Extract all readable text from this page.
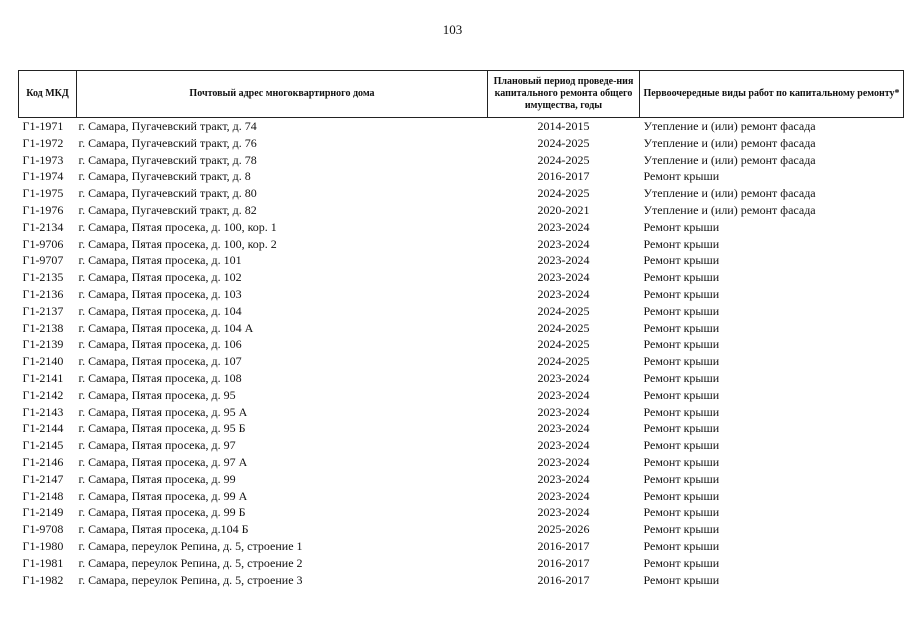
103
Код МКД	Почтовый адрес многоквартирного дома	Плановый период проведе-ния капитального ремонта общего имущества, годы	Первоочередные виды работ по капитальному ремонту*
Г1-1971	г. Самара, Пугачевский тракт, д. 74	2014-2015	Утепление и (или) ремонт фасада
Г1-1972	г. Самара, Пугачевский тракт, д. 76	2024-2025	Утепление и (или) ремонт фасада
Г1-1973	г. Самара, Пугачевский тракт, д. 78	2024-2025	Утепление и (или) ремонт фасада
Г1-1974	г. Самара, Пугачевский тракт, д. 8	2016-2017	Ремонт крыши
Г1-1975	г. Самара, Пугачевский тракт, д. 80	2024-2025	Утепление и (или) ремонт фасада
Г1-1976	г. Самара, Пугачевский тракт, д. 82	2020-2021	Утепление и (или) ремонт фасада
Г1-2134	г. Самара, Пятая просека, д. 100, кор. 1	2023-2024	Ремонт крыши
Г1-9706	г. Самара, Пятая просека, д. 100, кор. 2	2023-2024	Ремонт крыши
Г1-9707	г. Самара, Пятая просека, д. 101	2023-2024	Ремонт крыши
Г1-2135	г. Самара, Пятая просека, д. 102	2023-2024	Ремонт крыши
Г1-2136	г. Самара, Пятая просека, д. 103	2023-2024	Ремонт крыши
Г1-2137	г. Самара, Пятая просека, д. 104	2024-2025	Ремонт крыши
Г1-2138	г. Самара, Пятая просека, д. 104 А	2024-2025	Ремонт крыши
Г1-2139	г. Самара, Пятая просека, д. 106	2024-2025	Ремонт крыши
Г1-2140	г. Самара, Пятая просека, д. 107	2024-2025	Ремонт крыши
Г1-2141	г. Самара, Пятая просека, д. 108	2023-2024	Ремонт крыши
Г1-2142	г. Самара, Пятая просека, д. 95	2023-2024	Ремонт крыши
Г1-2143	г. Самара, Пятая просека, д. 95 А	2023-2024	Ремонт крыши
Г1-2144	г. Самара, Пятая просека, д. 95 Б	2023-2024	Ремонт крыши
Г1-2145	г. Самара, Пятая просека, д. 97	2023-2024	Ремонт крыши
Г1-2146	г. Самара, Пятая просека, д. 97 А	2023-2024	Ремонт крыши
Г1-2147	г. Самара, Пятая просека, д. 99	2023-2024	Ремонт крыши
Г1-2148	г. Самара, Пятая просека, д. 99 А	2023-2024	Ремонт крыши
Г1-2149	г. Самара, Пятая просека, д. 99 Б	2023-2024	Ремонт крыши
Г1-9708	г. Самара, Пятая просека, д.104 Б	2025-2026	Ремонт крыши
Г1-1980	г. Самара, переулок Репина, д. 5, строение 1	2016-2017	Ремонт крыши
Г1-1981	г. Самара, переулок Репина, д. 5, строение 2	2016-2017	Ремонт крыши
Г1-1982	г. Самара, переулок Репина, д. 5, строение 3	2016-2017	Ремонт крыши
